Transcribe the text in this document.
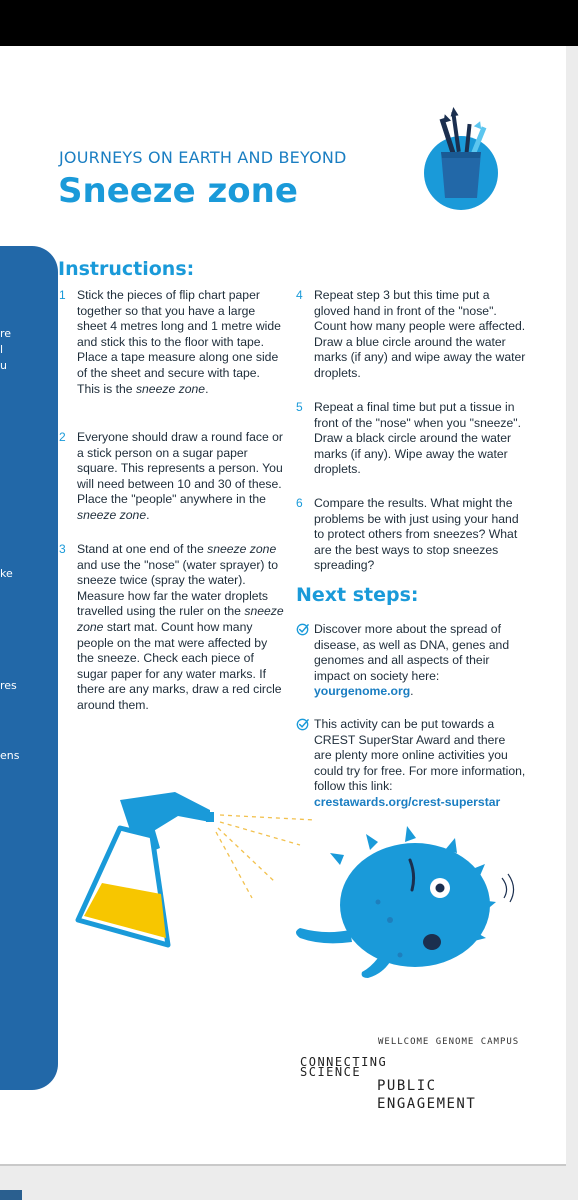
re
l
u
ke
res
ens
JOURNEYS ON EARTH AND BEYOND
Sneeze zone
Instructions:
1 Stick the pieces of flip chart paper together so that you have a large sheet 4 metres long and 1 metre wide and stick this to the floor with tape. Place a tape measure along one side of the sheet and secure with tape. This is the sneeze zone.
2 Everyone should draw a round face or a stick person on a sugar paper square. This represents a person. You will need between 10 and 30 of these. Place the "people" anywhere in the sneeze zone.
3 Stand at one end of the sneeze zone and use the "nose" (water sprayer) to sneeze twice (spray the water). Measure how far the water droplets travelled using the ruler on the sneeze zone start mat. Count how many people on the mat were affected by the sneeze. Check each piece of sugar paper for any water marks. If there are any marks, draw a red circle around them.
4 Repeat step 3 but this time put a gloved hand in front of the "nose". Count how many people were affected. Draw a blue circle around the water marks (if any) and wipe away the water droplets.
5 Repeat a final time but put a tissue in front of the "nose" when you "sneeze". Draw a black circle around the water marks (if any). Wipe away the water droplets.
6 Compare the results. What might the problems be with just using your hand to protect others from sneezes? What are the best ways to stop sneezes spreading?
Next steps:
Discover more about the spread of disease, as well as DNA, genes and genomes and all aspects of their impact on society here: yourgenome.org.
This activity can be put towards a CREST SuperStar Award and there are plenty more online activities you could try for free. For more information, follow this link: crestawards.org/crest-superstar
WELLCOME GENOME CAMPUS
CONNECTING
SCIENCE
PUBLIC
ENGAGEMENT
